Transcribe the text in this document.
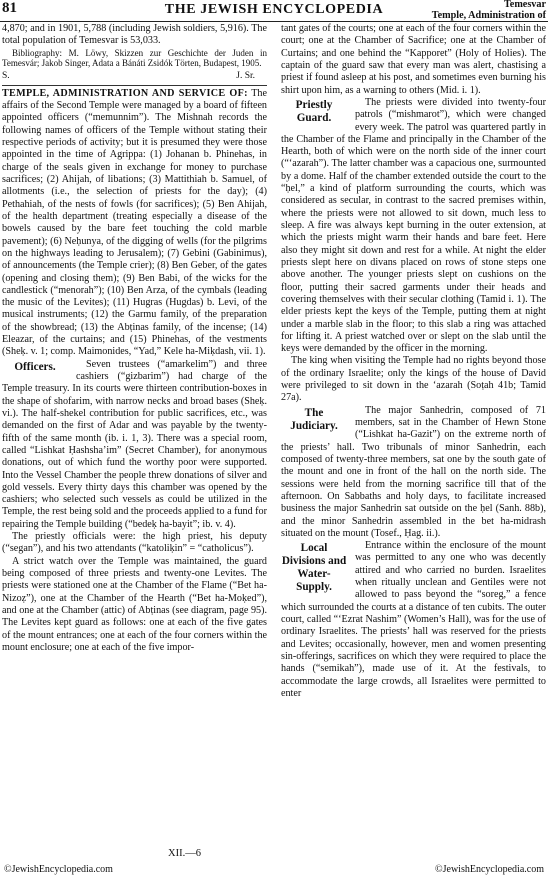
81	THE JEWISH ENCYCLOPEDIA	Temesvar
Temple, Administration of

4,870; and in 1901, 5,788 (including Jewish soldiers, 5,916). The total population of Temesvar is 53,033.

Bibliography: M. Löwy, Skizzen zur Geschichte der Juden in Temesvár; Jakob Singer, Adata a Bánáti Zsidók Törten, Budapest, 1905.

S.	J. Sr.

TEMPLE, ADMINISTRATION AND SERVICE OF: The affairs of the Second Temple were managed by a board of fifteen appointed officers (“memunnim”). The Mishnah records the following names of officers of the Temple without stating their respective periods of activity; but it is presumed they were those appointed in the time of Agrippa: (1) Johanan b. Phinehas, in charge of the seals given in exchange for money to purchase sacrifices; (2) Ahijah, of libations; (3) Mattithiah b. Samuel, of allotments (i.e., the selection of priests for the day); (4) Pethahiah, of the nests of fowls (for sacrifices); (5) Ben Ahijah, of the health department (treating especially a disease of the bowels caused by the bare feet touching the cold marble pavement); (6) Neḥunya, of the digging of wells (for the pilgrims on the highways leading to Jerusalem); (7) Gebini (Gabinimus), of announcements (the Temple crier); (8) Ben Geber, of the gates (opening and closing them); (9) Ben Babi, of the wicks for the candlestick (“menorah”); (10) Ben Arza, of the cymbals (leading the music of the Levites); (11) Hugras (Hugdas) b. Levi, of the musical instruments; (12) the Garmu family, of the preparation of the showbread; (13) the Abṭinas family, of the incense; (14) Eleazar, of the curtains; and (15) Phinehas, of the vestments (Sheḳ. v. 1; comp. Maimonides, “Yad,” Kele ha-Miḳdash, vii. 1).

Officers.	Seven trustees (“amarkelim”) and three cashiers (“gizbarim”) had charge of the Temple treasury. In its courts were thirteen contribution-boxes in the shape of shofarim, with narrow necks and broad bases (Sheḳ. vi.). The half-shekel contribution for public sacrifices, etc., was demanded on the first of Adar and was payable by the twenty-fifth of the same month (ib. i. 1, 3). There was a special room, called “Lishkat Ḥashsha’im” (Secret Chamber), for anonymous donations, out of which fund the worthy poor were supported. Into the Vessel Chamber the people threw donations of silver and gold vessels. Every thirty days this chamber was opened by the cashiers; who selected such vessels as could be utilized in the Temple, the rest being sold and the proceeds applied to a fund for repairing the Temple building (“bedeḳ ha-bayit”; ib. v. 4).

The priestly officials were: the high priest, his deputy (“segan”), and his two attendants (“katoliḳin” = “catholicus”).

A strict watch over the Temple was maintained, the guard being composed of three priests and twenty-one Levites. The priests were stationed one at the Chamber of the Flame (“Bet ha-Nizoẓ”), one at the Chamber of the Hearth (“Bet ha-Moḳed”), and one at the Chamber (attic) of Abṭinas (see diagram, page 95). The Levites kept guard as follows: one at each of the five gates of the mount entrances; one at each of the four corners within the mount enclosure; one at each of the five impor-

tant gates of the courts; one at each of the four corners within the court; one at the Chamber of Sacrifice; one at the Chamber of Curtains; and one behind the “Kapporet” (Holy of Holies). The captain of the guard saw that every man was alert, chastising a priest if found asleep at his post, and sometimes even burning his shirt upon him, as a warning to others (Mid. i. 1).

Priestly Guard.

The priests were divided into twenty-four patrols (“mishmarot”), which were changed every week. The patrol was quartered partly in the Chamber of the Flame and principally in the Chamber of the Hearth, both of which were on the north side of the inner court (“‘azarah”). The latter chamber was a capacious one, surmounted by a dome. Half of the chamber extended outside the court to the “ḥel,” a kind of platform surrounding the courts, which was considered as secular, in contrast to the sacred premises within, where the priests were not allowed to sit down, much less to sleep. A fire was always kept burning in the outer extension, at which the priests might warm their hands and bare feet. Here also they might sit down and rest for a while. At night the elder priests slept here on divans placed on rows of stone steps one above another. The younger priests slept on cushions on the floor, putting their sacred garments under their heads and covering themselves with their secular clothing (Tamid i. 1). The elder priests kept the keys of the Temple, putting them at night under a marble slab in the floor; to this slab a ring was attached for lifting it. A priest watched over or slept on the slab until the keys were demanded by the officer in the morning.

The king when visiting the Temple had no rights beyond those of the ordinary Israelite; only the kings of the house of David were privileged to sit down in the ‘azarah (Soṭah 41b; Tamid 27a).

The Judiciary.

The major Sanhedrin, composed of 71 members, sat in the Chamber of Hewn Stone (“Lishkat ha-Gazit”) on the extreme north of the priests’ hall. Two tribunals of minor Sanhedrin, each composed of twenty-three members, sat one by the south gate of the mount and one in front of the hall on the north side. The sessions were held from the morning sacrifice till that of the afternoon. On Sabbaths and holy days, to facilitate increased business the major Sanhedrin sat outside on the ḥel (Sanh. 88b), and the minor Sanhedrin assembled in the bet ha-midrash situated on the mount (Tosef., Ḥag. ii.).

Local Divisions and Water-Supply.

Entrance within the enclosure of the mount was permitted to any one who was decently attired and who carried no burden. Israelites when ritually unclean and Gentiles were not allowed to pass beyond the “soreg,” a fence which surrounded the courts at a distance of ten cubits. The outer court, called “‘Ezrat Nashim” (Women’s Hall), was for the use of ordinary Israelites. The priests’ hall was reserved for the priests and Levites; occasionally, however, men and women presenting sin-offerings, sacrifices on which they were required to place the hands (“semikah”), made use of it. At the festivals, to accommodate the large crowds, all Israelites were permitted to enter

©JewishEncyclopedia.com
XII.—6
©JewishEncyclopedia.com
